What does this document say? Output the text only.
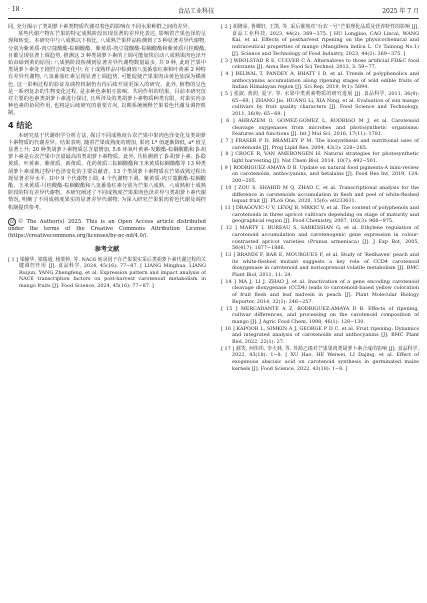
· 18 ·	食品工业科技	2025 年 7 月

同, 充分揭示了类胡萝卜素类物质代谢对着色的影响在不同水果种群之间的差异。

某些代谢产物在芒果的特定成熟阶段出现显著的差异化表达, 影响着芒果色泽的呈现和转变。本研究中与八成熟以下相比, 八成熟芒果样品检测到了3 种显著差异代谢物, 分别为紫黄质-肉豆蔻酸酯-棕榈酸酯、紫黄质-肉豆蔻酸酯-棕榈酸酯和紫黄质月桂酸酯, 且都呈现显著上调趋势, 推测这 3 种类胡萝卜素的上调可能加快启动八成熟果肉色泽开始由绿到黄的原因; 八成熟阶段检测到显著差异代谢物数量最多, 共 9 种, 此时芒果中类胡萝卜素处于剧烈合成变化中; 在十成熟样品中检测到八氢番茄红素和叶黄素 2 种特有差异代谢物, 八氢番茄红素呈现显著上调趋势, 可能促使芒果果肉由黄色加深为橘黄色, 这一影响过程的验证及调控机制仍有待后续开展更深入的研究。此外, 植物的呈色是一系列复杂的生物变化过程, 是多种色素相互影响、共同作用的结果。目前本研究仅对主要的色素类胡萝卜素进行探讨, 且所涉及的类胡萝卜素物质种类有限。对果实内多种色素的协同作用, 也将是后续研究的重要方向, 以期系统阐释芒果着色代谢及调控机制。

4 结论

本研究基于代谢组学分析方法, 探讨不同成熟度台农芒果中果肉色泽变化及类胡萝卜素物质的代谢差异。结果表明, 随着芒果成熟度的增加, 果肉 L* 值逐渐降低, a* 值呈显著上升; 20 种类胡萝卜素物质总含量增加, 5.6 环氧叶黄素-发酸酯-棕榈酸酯和 β-胡萝卜素是台农芒果中含量最高的类胡萝卜素物质。此外, 共检测到了 β-胡萝卜素、β-隐黄质、叶黄素、紫黄质、新黄质、花药黄质三棕榈酸酯和玉米黄质棕榈酸酯等 13 种类胡萝卜素成熟过程中色泽变化的主要贡献者。13 个类胡萝卜素物质在芒果成熟过程出现显著差异水平, 其中 9 个代谢物上调, 4 个代谢物下调。紫黄质-肉豆蔻酸酯-棕榈酸酯、玉米黄质-月桂酸酯-棕榈酸酯和八氢番茄红素分别为芒果八成熟、八成熟和十成熟阶段的特有差异代谢物。本研究阐述了不同成熟度芒果果肉色泽差异与类胡萝卜素代谢情况, 明晰了不同成熟度果实的显著差异代谢物, 为深入研究芒果果肉着色代谢及调控机制提供参考。

cc © The Author(s) 2025. This is an Open Access article distributed under the terms of the Creative Commons Attribution License (https://creativecommons.org/licenses/by-nc-nd/4.0/).
参考文献

[ 1 ] 梁颖华, 梁瑞通, 杨蒙婷, 等. NAC6 转录因子在芒果果实采后类胡萝卜素代谢过程的关键调控作用 [J]. 食品科学, 2024, 45(16): 77−87. [ LIANG Minghua, LIANG Ruijun, YANG Zhengfeng, et al. Expression pattern and impact analysis of NAC6 transcription factors on post-harvest carotenoid metabolism in mango fruits [J]. Food Science, 2024, 45(16): 77−87. ]

[ 2 ] 胡隆荣, 鲁卿轩, 王凯, 等. 采后催熟对“台农一号”芒果理化品质及营养特性的影响 [J]. 食品工业科技, 2023, 44(2): 369−375. [ HU Longjiao, CAO Lincai, WANG Kai, et al. Effects of postharvest ripening on the physicochemical and nutraceutical properties of mango (Mangifera indica L. Cv Tainong No.1) [J]. Science and Technology of Food Industry, 2023, 44(2): 369−375. ]

[ 3 ] WROLSTAD R E, CULVER C A. Alternatives to those artificial FD&C food colorants [J]. Annu Rev Food Sci Technol, 2012, 3: 59−77.

[ 4 ] BELWAL T, PANDEY A, BHATT I D, et al. Trends of polyphenolics and anthocyanins accumulation along ripening stages of wild edible fruits of Indian Himalayan region [J]. Sci Rep, 2019, 9(1): 5894.

[ 5 ] 张淑, 黄润, 夏宇, 等. 水果中类黄素物质的研究进展 [J]. 食品科学, 2011, 36(9): 65−69. [ ZHANG Jie, HUANG Li, XIA Ning, et al. Evaluation of sun mango cultivars by fruit quality characters [J]. Food Science and Technology, 2011, 36(9): 65−69. ]

[ 6 ] AHRAZEM O, GOMEZ-GOMEZ L, RODRIGO M J, et al. Carotenoid cleavage oxygenases from microbes and photosynthetic organisms: Features and functions [J]. Int J Mol Sci, 2016, 17(11): 1781.

[ 7 ] FRASER P D, BRAMLEY P M. The biosynthesis and nutritional uses of carotenoids [J]. Prog Lipid Res, 2004, 43(3): 228−265.

[ 8 ] CROCE R, VAN AMERONGEN H. Natural strategies for photosynthetic light harvesting [J]. Nat Chem Biol, 2014, 10(7): 492−501.

[ 9 ] RODRIGUEZ-AMAYA D B. Update on natural food pigments-A mini-review on carotenoids, anthocyanins, and betalains [J]. Food Res Int, 2019, 124: 200−205.

[ 10 ] ZOU S, SHAHID M Q, ZHAO C, et al. Transcriptional analysis for the difference in carotenoids accumulation in flesh and peel of white-fleshed loquat fruit [J]. PLoS One, 2020, 15(6): e0233631.

[ 11 ] DRAGOVIC-U V, LEVAJ B, MRKIC V, et al. The content of polyphenols and carotenoids in three apricot cultivars depending on stage of maturity and geographical region [J]. Food Chemistry, 2007, 102(3): 966−975.

[ 12 ] MARTY I, BUREAU S, SARKISSIAN G, et al. Ethylene regulation of carotenoid accumulation and carotenogenic gene expression in colour-contrasted apricot varieties (Prunus armeniaca) [J]. J Exp Bot, 2005, 56(417): 1877−1886.

[ 13 ] BRANDI F, BAR E, MOURGUES F, et al. Study of 'Redhaven' peach and its white-fleshed mutant suggests a key role of CCD4 carotenoid dioxygenase in carotenoid and norisoprenoid volatile metabolism [J]. BMC Plant Biol, 2011, 11: 24.

[ 14 ] MA J, LI J, ZHAO J, et al. Inactivation of a gene encoding carotenoid cleavage dioxygenase (CCD4) leads to carotenoid-based yellow coloration of fruit flesh and leaf midvein in peach [J]. Plant Molecular Biology Reporter, 2014, 32(1): 246−257.

[ 15 ] MERCADANTE A Z, RODRIGUEZ-AMAYA D B. Effects of ripening, cultivar differences, and processing on the carotenoid composition of mango [J]. J Agric Food Chem, 1998, 46(1): 128−130.

[ 16 ] KAPOOR L, SIMKIN A J, GEORGE P D C, et al. Fruit ripening: Dynamics and integrated analysis of carotenoids and anthocyanins [J]. BMC Plant Biol, 2022, 22(1): 27.

[ 17 ] 郝笑, 何伟伟, 李大林, 等. 外源乙烯对芒果果肉类胡萝卜素合成的影响 [J]. 食品科学, 2022, 43(18): 1−8. [ XU Hao, HE Weiwei, LI Dajing, et al. Effect of exogenous abscisic acid on carotenoid synthesis in germinated maize kernels [J]. Food Science, 2022, 43(18): 1−8. ]
